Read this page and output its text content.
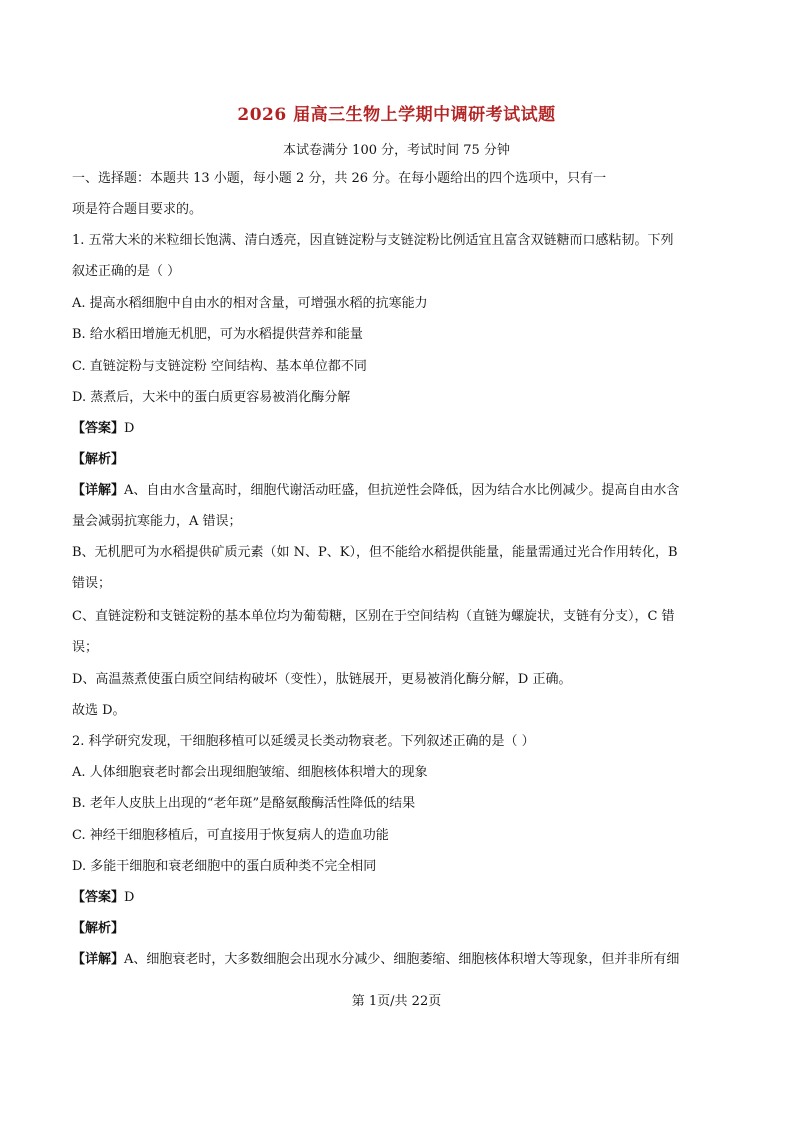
2026 届高三生物上学期中调研考试试题
本试卷满分 100 分，考试时间 75 分钟
一、选择题：本题共 13 小题，每小题 2 分，共 26 分。在每小题给出的四个选项中，只有一
项是符合题目要求的。
1. 五常大米的米粒细长饱满、清白透亮，因直链淀粉与支链淀粉比例适宜且富含双链糖而口感粘韧。下列
叙述正确的是（ ）
A. 提高水稻细胞中自由水的相对含量，可增强水稻的抗寒能力
B. 给水稻田增施无机肥，可为水稻提供营养和能量
C. 直链淀粉与支链淀粉 空间结构、基本单位都不同
D. 蒸煮后，大米中的蛋白质更容易被消化酶分解
【答案】D
【解析】
【详解】A、自由水含量高时，细胞代谢活动旺盛，但抗逆性会降低，因为结合水比例减少。提高自由水含
量会减弱抗寒能力，A 错误；
B、无机肥可为水稻提供矿质元素（如 N、P、K），但不能给水稻提供能量，能量需通过光合作用转化，B
错误；
C、直链淀粉和支链淀粉的基本单位均为葡萄糖，区别在于空间结构（直链为螺旋状，支链有分支），C 错
误；
D、高温蒸煮使蛋白质空间结构破坏（变性），肽链展开，更易被消化酶分解，D 正确。
故选 D。
2. 科学研究发现，干细胞移植可以延缓灵长类动物衰老。下列叙述正确的是（ ）
A. 人体细胞衰老时都会出现细胞皱缩、细胞核体积增大的现象
B. 老年人皮肤上出现的“老年斑”是酪氨酸酶活性降低的结果
C. 神经干细胞移植后，可直接用于恢复病人的造血功能
D. 多能干细胞和衰老细胞中的蛋白质种类不完全相同
【答案】D
【解析】
【详解】A、细胞衰老时，大多数细胞会出现水分减少、细胞萎缩、细胞核体积增大等现象，但并非所有细
第 1页/共 22页
